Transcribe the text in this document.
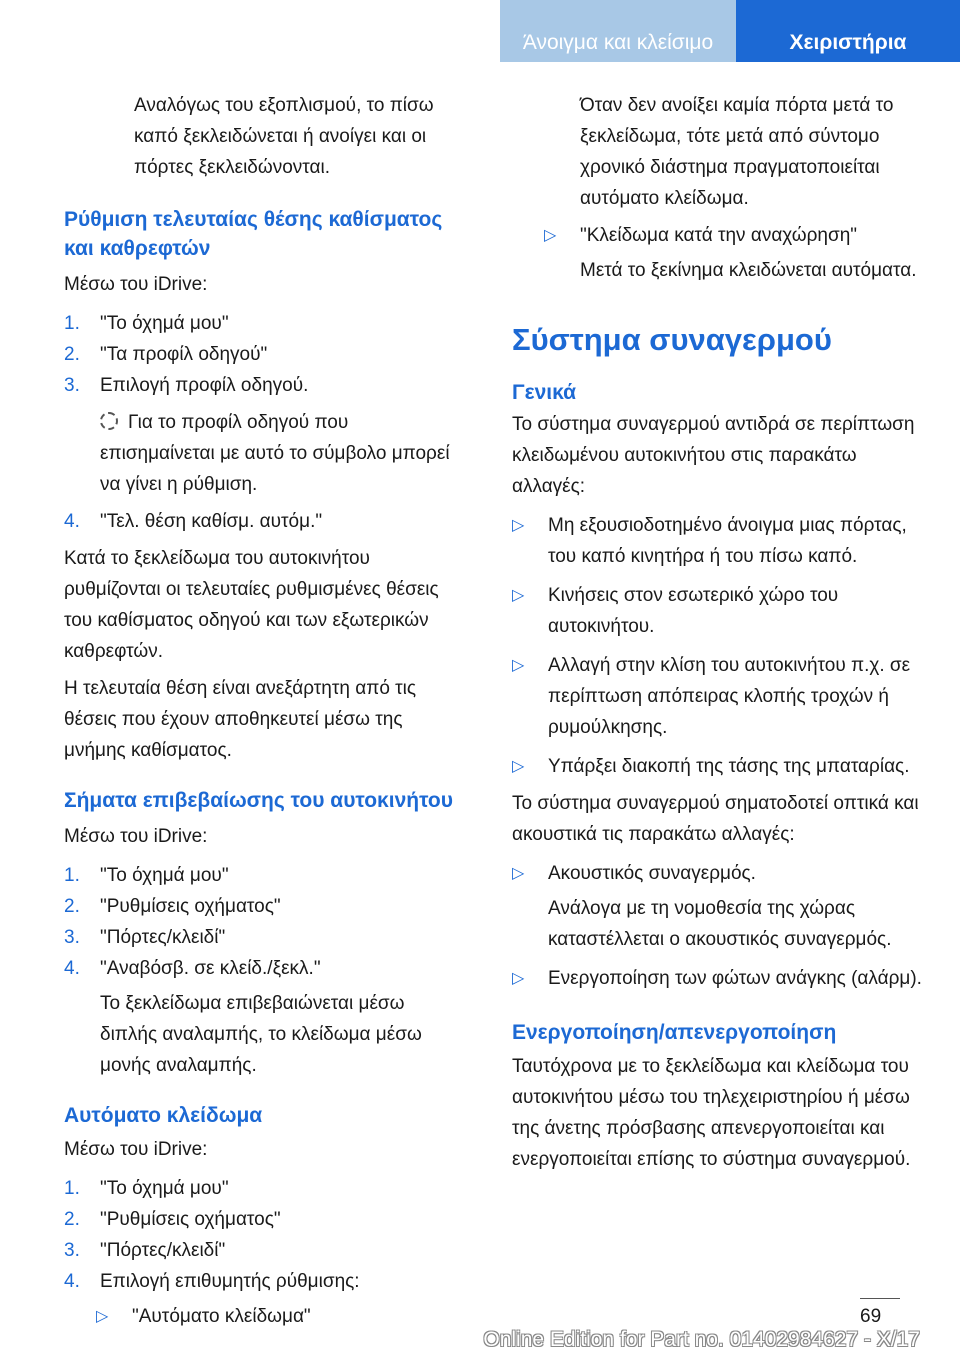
Άνοιγμα και κλείσιμο	Χειριστήρια

Αναλόγως του εξοπλισμού, το πίσω καπό ξεκλειδώνεται ή ανοίγει και οι πόρτες ξεκλειδώνονται.

Ρύθμιση τελευταίας θέσης καθίσματος και καθρεφτών

Μέσω του iDrive:

1. "Το όχημά μου"
2. "Τα προφίλ οδηγού"
3. Επιλογή προφίλ οδηγού.

Για το προφίλ οδηγού που επισημαίνεται με αυτό το σύμβολο μπορεί να γίνει η ρύθμιση.

4. "Τελ. θέση καθίσμ. αυτόμ."

Κατά το ξεκλείδωμα του αυτοκινήτου ρυθμίζονται οι τελευταίες ρυθμισμένες θέσεις του καθίσματος οδηγού και των εξωτερικών καθρεφτών.

Η τελευταία θέση είναι ανεξάρτητη από τις θέσεις που έχουν αποθηκευτεί μέσω της μνήμης καθίσματος.

Σήματα επιβεβαίωσης του αυτοκινήτου

Μέσω του iDrive:

1. "Το όχημά μου"
2. "Ρυθμίσεις οχήματος"
3. "Πόρτες/κλειδί"
4. "Αναβόσβ. σε κλείδ./ξεκλ."

Το ξεκλείδωμα επιβεβαιώνεται μέσω διπλής αναλαμπής, το κλείδωμα μέσω μονής αναλαμπής.

Αυτόματο κλείδωμα

Μέσω του iDrive:

1. "Το όχημά μου"
2. "Ρυθμίσεις οχήματος"
3. "Πόρτες/κλειδί"
4. Επιλογή επιθυμητής ρύθμισης:
▷ "Αυτόματο κλείδωμα"

Όταν δεν ανοίξει καμία πόρτα μετά το ξεκλείδωμα, τότε μετά από σύντομο χρονικό διάστημα πραγματοποιείται αυτόματο κλείδωμα.

▷ "Κλείδωμα κατά την αναχώρηση"

Μετά το ξεκίνημα κλειδώνεται αυτόματα.

Σύστημα συναγερμού
Γενικά

Το σύστημα συναγερμού αντιδρά σε περίπτωση κλειδωμένου αυτοκινήτου στις παρακάτω αλλαγές:

▷ Μη εξουσιοδοτημένο άνοιγμα μιας πόρτας, του καπό κινητήρα ή του πίσω καπό.
▷ Κινήσεις στον εσωτερικό χώρο του αυτοκινήτου.
▷ Αλλαγή στην κλίση του αυτοκινήτου π.χ. σε περίπτωση απόπειρας κλοπής τροχών ή ρυμούλκησης.
▷ Υπάρξει διακοπή της τάσης της μπαταρίας.

Το σύστημα συναγερμού σηματοδοτεί οπτικά και ακουστικά τις παρακάτω αλλαγές:

▷ Ακουστικός συναγερμός.

Ανάλογα με τη νομοθεσία της χώρας καταστέλλεται ο ακουστικός συναγερμός.

▷ Ενεργοποίηση των φώτων ανάγκης (αλάρμ).
Ενεργοποίηση/απενεργοποίηση

Ταυτόχρονα με το ξεκλείδωμα και κλείδωμα του αυτοκινήτου μέσω του τηλεχειριστηρίου ή μέσω της άνετης πρόσβασης απενεργοποιείται και ενεργοποιείται επίσης το σύστημα συναγερμού.

69
Online Edition for Part no. 01402984627 - X/17
